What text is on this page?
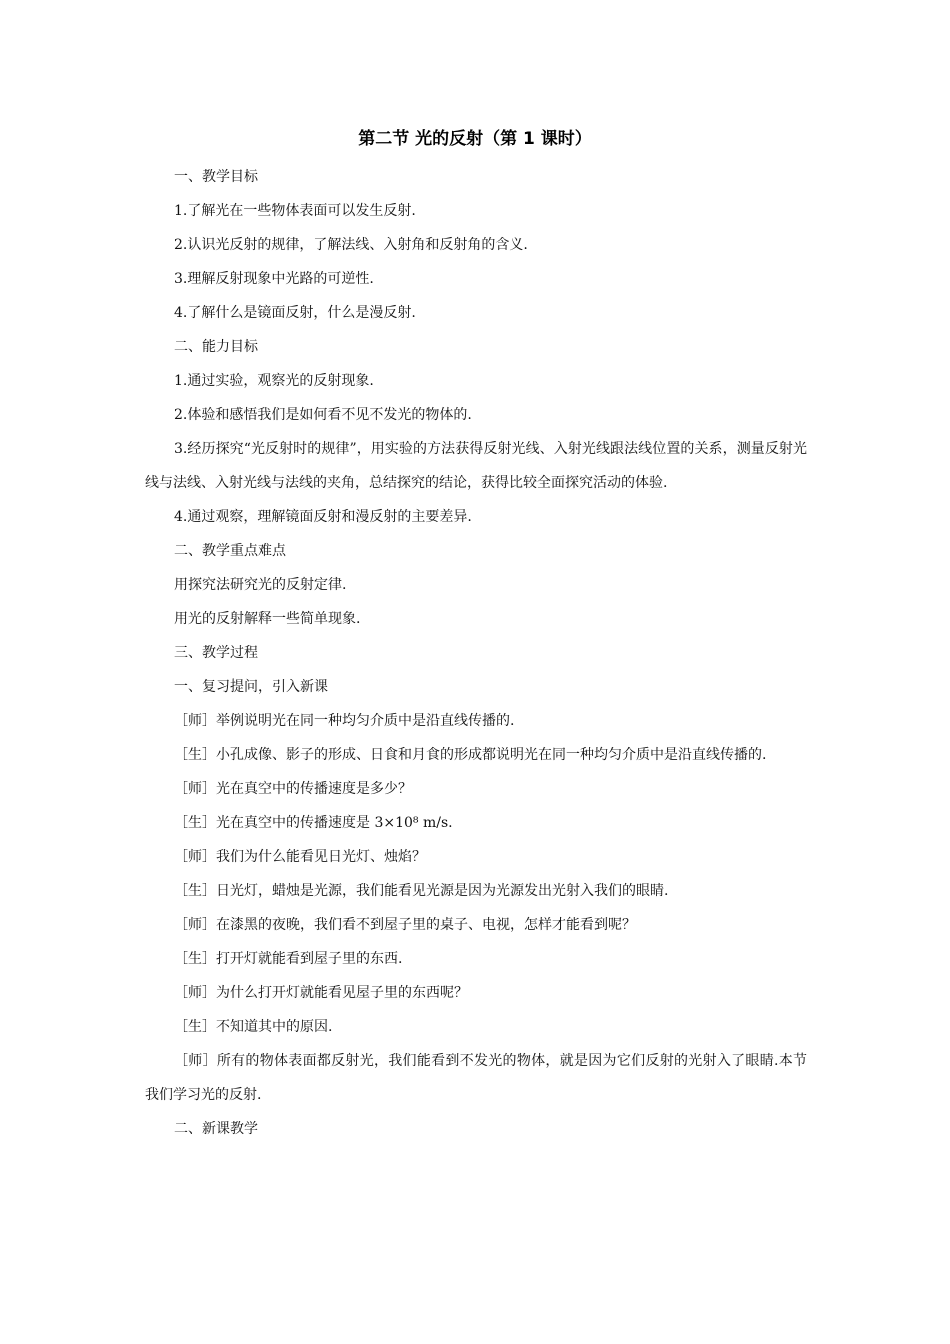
第二节 光的反射（第 1 课时）

一、教学目标

1.了解光在一些物体表面可以发生反射.

2.认识光反射的规律，了解法线、入射角和反射角的含义.

3.理解反射现象中光路的可逆性.

4.了解什么是镜面反射，什么是漫反射.

二、能力目标

1.通过实验，观察光的反射现象.

2.体验和感悟我们是如何看不见不发光的物体的.

3.经历探究“光反射时的规律”，用实验的方法获得反射光线、入射光线跟法线位置的关系，测量反射光线与法线、入射光线与法线的夹角，总结探究的结论，获得比较全面探究活动的体验.

4.通过观察，理解镜面反射和漫反射的主要差异.

二、教学重点难点

用探究法研究光的反射定律.

用光的反射解释一些简单现象.

三、教学过程

一、复习提问，引入新课

［师］举例说明光在同一种均匀介质中是沿直线传播的.

［生］小孔成像、影子的形成、日食和月食的形成都说明光在同一种均匀介质中是沿直线传播的.

［师］光在真空中的传播速度是多少？

［生］光在真空中的传播速度是 3×10⁸ m/s.

［师］我们为什么能看见日光灯、烛焰？

［生］日光灯，蜡烛是光源，我们能看见光源是因为光源发出光射入我们的眼睛.

［师］在漆黑的夜晚，我们看不到屋子里的桌子、电视，怎样才能看到呢？

［生］打开灯就能看到屋子里的东西.

［师］为什么打开灯就能看见屋子里的东西呢？

［生］不知道其中的原因.

［师］所有的物体表面都反射光，我们能看到不发光的物体，就是因为它们反射的光射入了眼睛.本节我们学习光的反射.

二、新课教学
